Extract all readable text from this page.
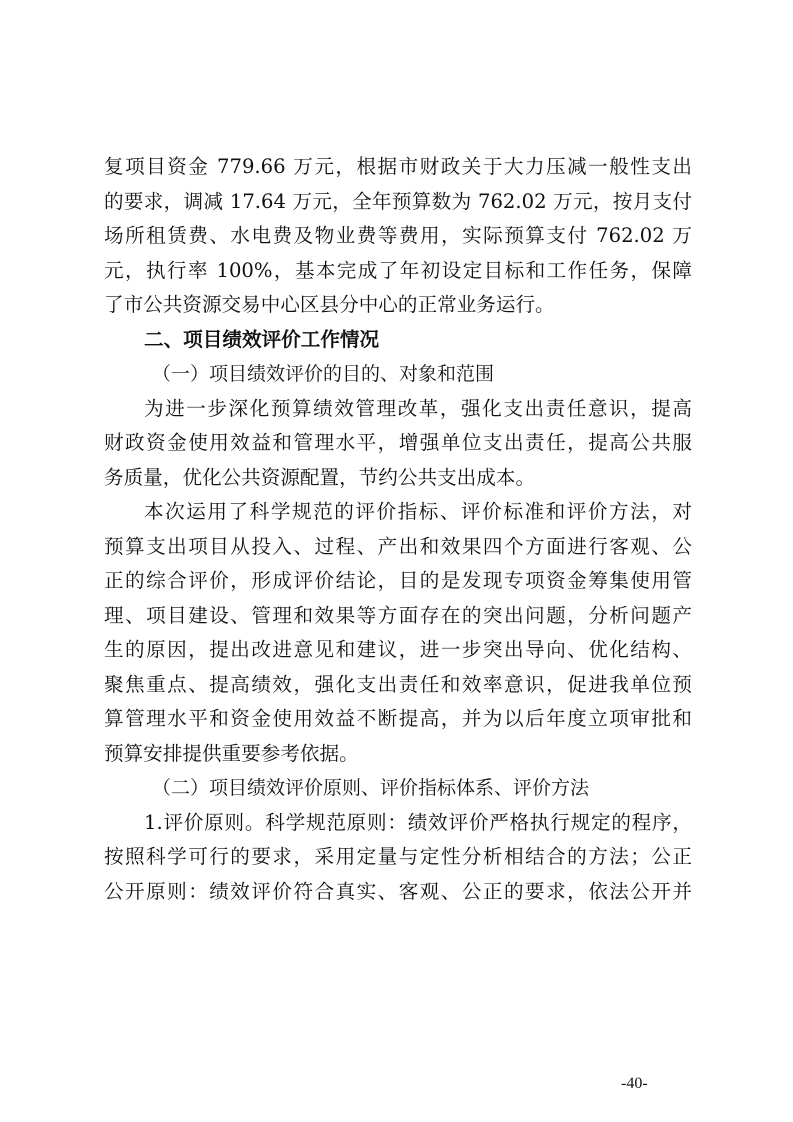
复项目资金 779.66 万元，根据市财政关于大力压减一般性支出
的要求，调减 17.64 万元，全年预算数为 762.02 万元，按月支付
场所租赁费、水电费及物业费等费用，实际预算支付 762.02 万
元，执行率 100%，基本完成了年初设定目标和工作任务，保障
了市公共资源交易中心区县分中心的正常业务运行。
二、项目绩效评价工作情况
（一）项目绩效评价的目的、对象和范围
为进一步深化预算绩效管理改革，强化支出责任意识，提高
财政资金使用效益和管理水平，增强单位支出责任，提高公共服
务质量，优化公共资源配置，节约公共支出成本。
本次运用了科学规范的评价指标、评价标准和评价方法，对
预算支出项目从投入、过程、产出和效果四个方面进行客观、公
正的综合评价，形成评价结论，目的是发现专项资金筹集使用管
理、项目建设、管理和效果等方面存在的突出问题，分析问题产
生的原因，提出改进意见和建议，进一步突出导向、优化结构、
聚焦重点、提高绩效，强化支出责任和效率意识，促进我单位预
算管理水平和资金使用效益不断提高，并为以后年度立项审批和
预算安排提供重要参考依据。
（二）项目绩效评价原则、评价指标体系、评价方法
1.评价原则。科学规范原则：绩效评价严格执行规定的程序，
按照科学可行的要求，采用定量与定性分析相结合的方法；公正
公开原则：绩效评价符合真实、客观、公正的要求，依法公开并
-40-
